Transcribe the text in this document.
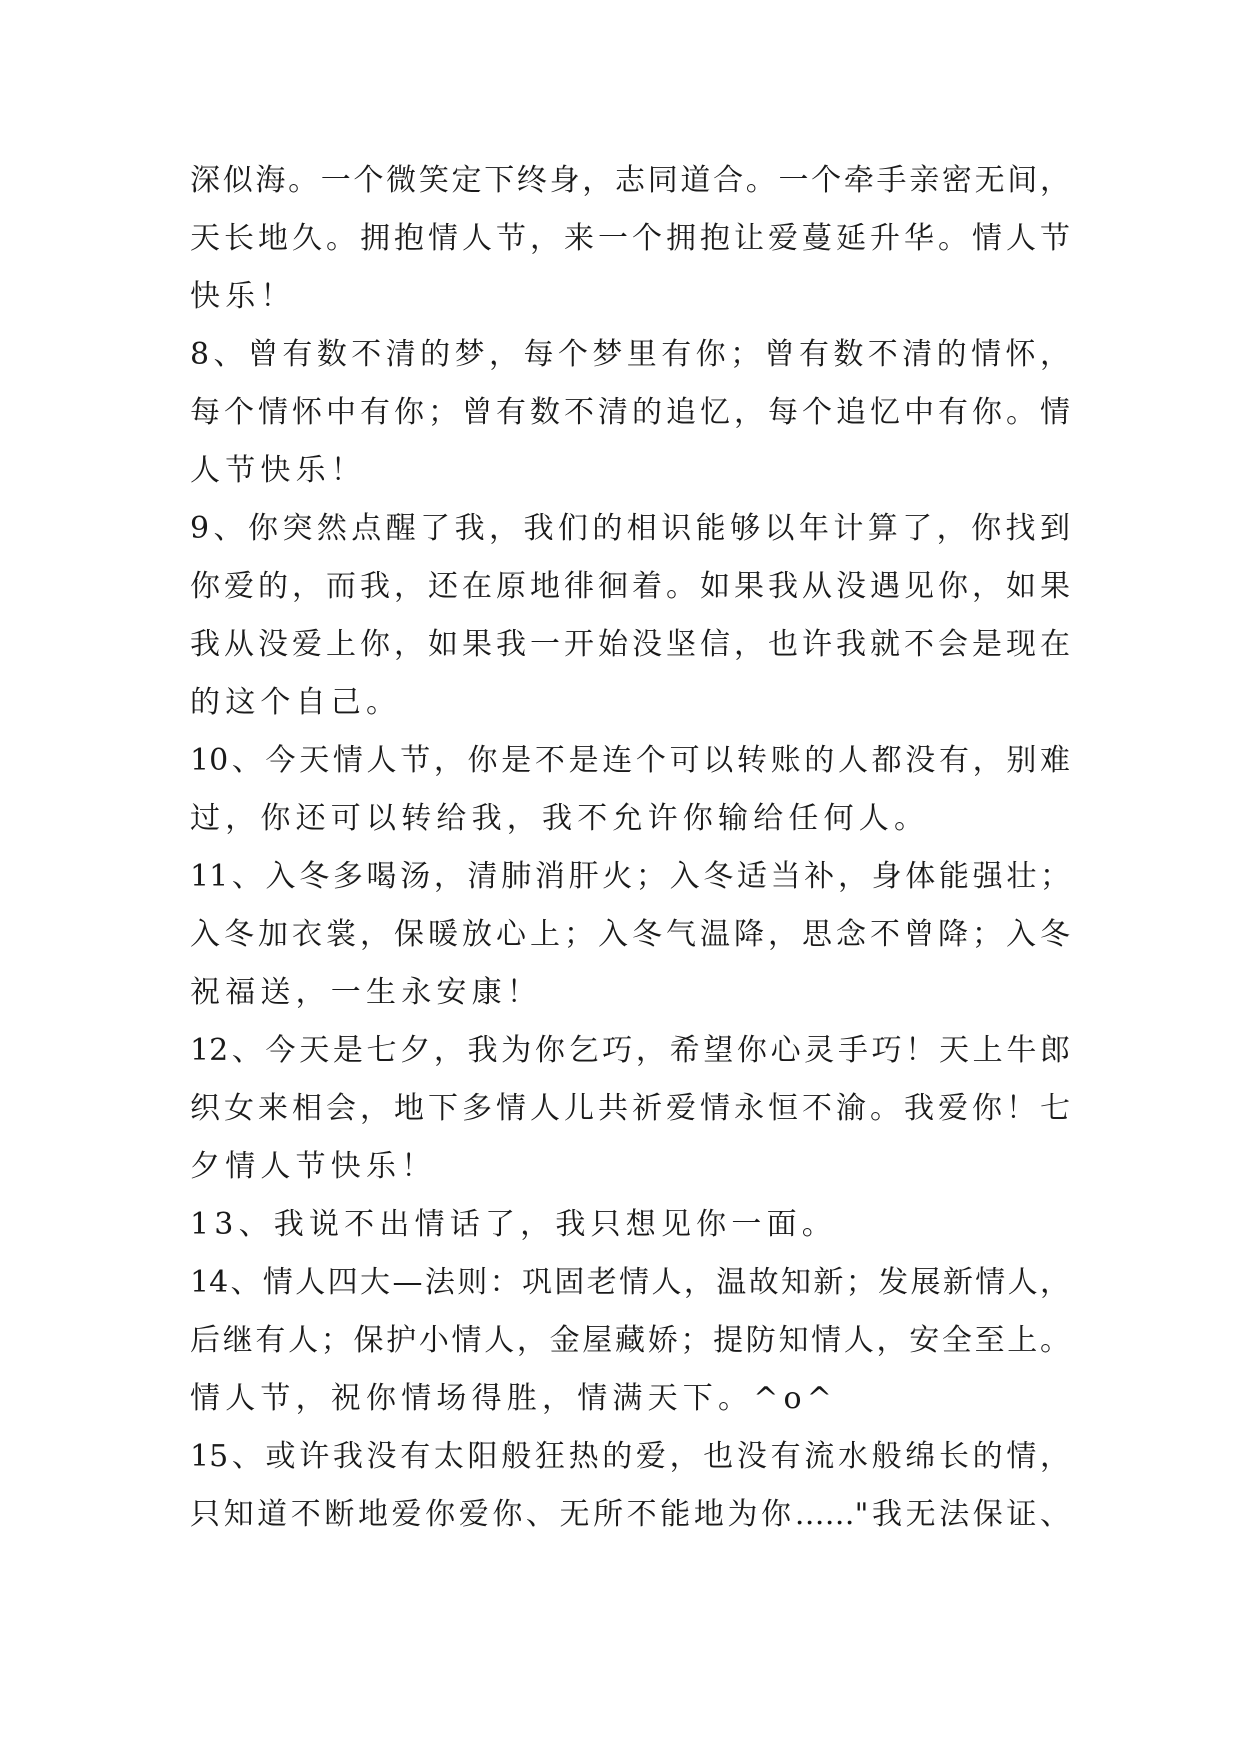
深似海。一个微笑定下终身，志同道合。一个牵手亲密无间，
天长地久。拥抱情人节，来一个拥抱让爱蔓延升华。情人节
快乐！
8、曾有数不清的梦，每个梦里有你；曾有数不清的情怀，
每个情怀中有你；曾有数不清的追忆，每个追忆中有你。情
人节快乐！
9、你突然点醒了我，我们的相识能够以年计算了，你找到
你爱的，而我，还在原地徘徊着。如果我从没遇见你，如果
我从没爱上你，如果我一开始没坚信，也许我就不会是现在
的这个自己。
10、今天情人节，你是不是连个可以转账的人都没有，别难
过，你还可以转给我，我不允许你输给任何人。
11、入冬多喝汤，清肺消肝火；入冬适当补，身体能强壮；
入冬加衣裳，保暖放心上；入冬气温降，思念不曾降；入冬
祝福送，一生永安康！
12、今天是七夕，我为你乞巧，希望你心灵手巧！天上牛郎
织女来相会，地下多情人儿共祈爱情永恒不渝。我爱你！七
夕情人节快乐！
13、我说不出情话了，我只想见你一面。
14、情人四大—法则：巩固老情人，温故知新；发展新情人，
后继有人；保护小情人，金屋藏娇；提防知情人，安全至上。
情人节，祝你情场得胜，情满天下。^o^
15、或许我没有太阳般狂热的爱，也没有流水般绵长的情，
只知道不断地爱你爱你、无所不能地为你……"我无法保证、
